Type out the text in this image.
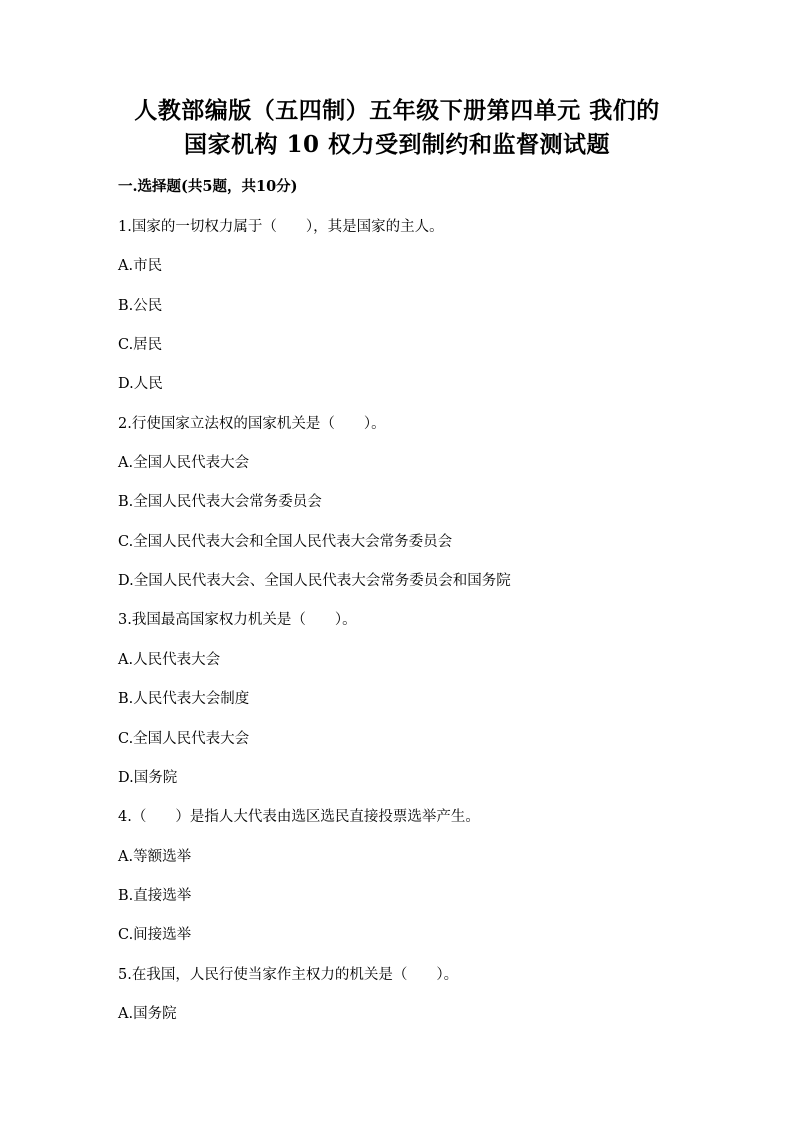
人教部编版（五四制）五年级下册第四单元 我们的
国家机构 10 权力受到制约和监督测试题
一.选择题(共5题，共10分)
1.国家的一切权力属于（　　），其是国家的主人。
A.市民
B.公民
C.居民
D.人民
2.行使国家立法权的国家机关是（　　）。
A.全国人民代表大会
B.全国人民代表大会常务委员会
C.全国人民代表大会和全国人民代表大会常务委员会
D.全国人民代表大会、全国人民代表大会常务委员会和国务院
3.我国最高国家权力机关是（　　）。
A.人民代表大会
B.人民代表大会制度
C.全国人民代表大会
D.国务院
4.（　　）是指人大代表由选区选民直接投票选举产生。
A.等额选举
B.直接选举
C.间接选举
5.在我国，人民行使当家作主权力的机关是（　　）。
A.国务院
